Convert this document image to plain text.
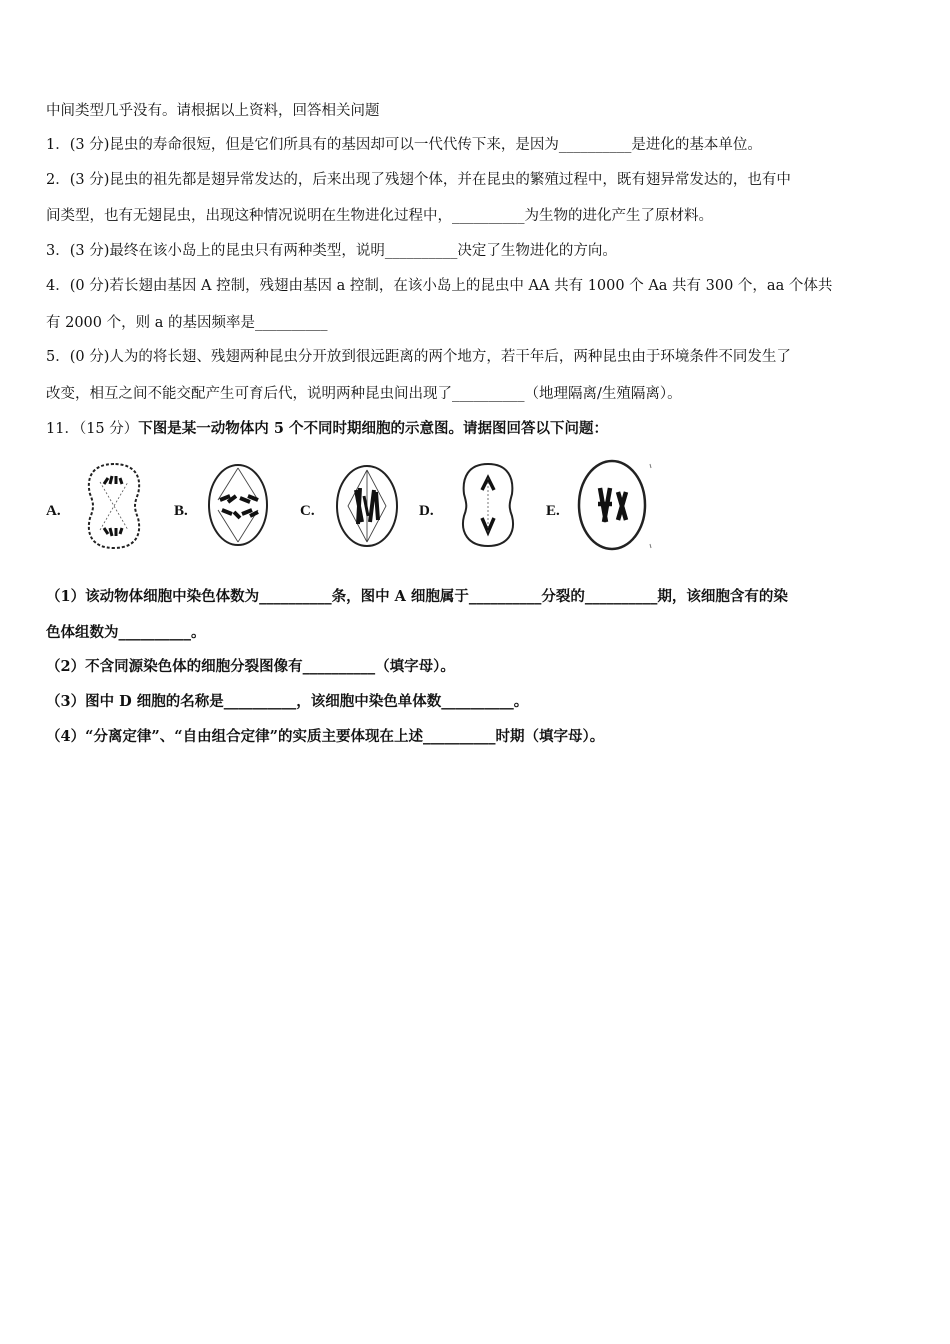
中间类型几乎没有。请根据以上资料，回答相关问题
1．(3 分)昆虫的寿命很短，但是它们所具有的基因却可以一代代传下来，是因为__________是进化的基本单位。
2．(3 分)昆虫的祖先都是翅异常发达的，后来出现了残翅个体，并在昆虫的繁殖过程中，既有翅异常发达的，也有中
间类型，也有无翅昆虫，出现这种情况说明在生物进化过程中，__________为生物的进化产生了原材料。
3．(3 分)最终在该小岛上的昆虫只有两种类型，说明__________决定了生物进化的方向。
4．(0 分)若长翅由基因 A 控制，残翅由基因 a 控制，在该小岛上的昆虫中 AA 共有 1000 个 Aa 共有 300 个，aa 个体共
有 2000 个，则 a 的基因频率是__________
5．(0 分)人为的将长翅、残翅两种昆虫分开放到很远距离的两个地方，若干年后，两种昆虫由于环境条件不同发生了
改变，相互之间不能交配产生可育后代，说明两种昆虫间出现了__________（地理隔离/生殖隔离）。
11．（15 分）下图是某一动物体内 5 个不同时期细胞的示意图。请据图回答以下问题：
A.	B.	C.	D.	E.
（1）该动物体细胞中染色体数为__________条，图中 A 细胞属于__________分裂的__________期，该细胞含有的染
色体组数为__________。
（2）不含同源染色体的细胞分裂图像有__________（填字母）。
（3）图中 D 细胞的名称是__________，该细胞中染色单体数__________。
（4）“分离定律”、“自由组合定律”的实质主要体现在上述__________时期（填字母）。
